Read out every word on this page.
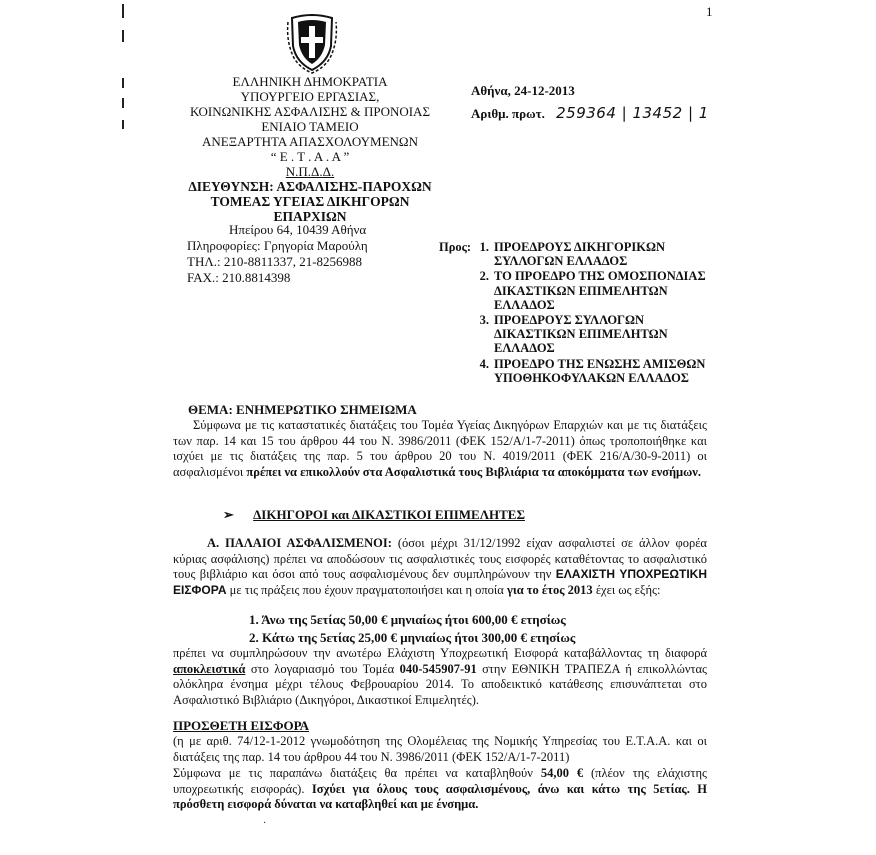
1
ΕΛΛΗΝΙΚΗ ΔΗΜΟΚΡΑΤΙΑ
ΥΠΟΥΡΓΕΙΟ ΕΡΓΑΣΙΑΣ,
ΚΟΙΝΩΝΙΚΗΣ ΑΣΦΑΛΙΣΗΣ & ΠΡΟΝΟΙΑΣ
ΕΝΙΑΙΟ ΤΑΜΕΙΟ
ΑΝΕΞΑΡΤΗΤΑ ΑΠΑΣΧΟΛΟΥΜΕΝΩΝ
“ Ε . Τ . Α . Α ”
Ν.Π.Δ.Δ.
ΔΙΕΥΘΥΝΣΗ: ΑΣΦΑΛΙΣΗΣ-ΠΑΡΟΧΩΝ
ΤΟΜΕΑΣ ΥΓΕΙΑΣ ΔΙΚΗΓΟΡΩΝ
ΕΠΑΡΧΙΩΝ
Ηπείρου 64, 10439 Αθήνα
Πληροφορίες: Γρηγορία Μαρούλη
ΤΗΛ.: 210-8811337, 21-8256988
FAX.: 210.8814398
Αθήνα, 24-12-2013
Αριθμ. πρωτ. 259364 | 13452 | 1
Προς: 1. ΠΡΟΕΔΡΟΥΣ ΔΙΚΗΓΟΡΙΚΩΝ ΣΥΛΛΟΓΩΝ ΕΛΛΑΔΟΣ
2. ΤΟ ΠΡΟΕΔΡΟ ΤΗΣ ΟΜΟΣΠΟΝΔΙΑΣ ΔΙΚΑΣΤΙΚΩΝ ΕΠΙΜΕΛΗΤΩΝ ΕΛΛΑΔΟΣ
3. ΠΡΟΕΔΡΟΥΣ ΣΥΛΛΟΓΩΝ ΔΙΚΑΣΤΙΚΩΝ ΕΠΙΜΕΛΗΤΩΝ ΕΛΛΑΔΟΣ
4. ΠΡΟΕΔΡΟ ΤΗΣ ΕΝΩΣΗΣ ΑΜΙΣΘΩΝ ΥΠΟΘΗΚΟΦΥΛΑΚΩΝ ΕΛΛΑΔΟΣ
ΘΕΜΑ: ΕΝΗΜΕΡΩΤΙΚΟ ΣΗΜΕΙΩΜΑ
Σύμφωνα με τις καταστατικές διατάξεις του Τομέα Υγείας Δικηγόρων Επαρχιών και με τις διατάξεις των παρ. 14 και 15 του άρθρου 44 του Ν. 3986/2011 (ΦΕΚ 152/Α/1-7-2011) όπως τροποποιήθηκε και ισχύει με τις διατάξεις της παρ. 5 του άρθρου 20 του Ν. 4019/2011 (ΦΕΚ 216/Α/30-9-2011) οι ασφαλισμένοι πρέπει να επικολλούν στα Ασφαλιστικά τους Βιβλιάρια τα αποκόμματα των ενσήμων.
➢ ΔΙΚΗΓΟΡΟΙ και ΔΙΚΑΣΤΙΚΟΙ ΕΠΙΜΕΛΗΤΕΣ
Α. ΠΑΛΑΙΟΙ ΑΣΦΑΛΙΣΜΕΝΟΙ: (όσοι μέχρι 31/12/1992 είχαν ασφαλιστεί σε άλλον φορέα κύριας ασφάλισης) πρέπει να αποδώσουν τις ασφαλιστικές τους εισφορές καταθέτοντας το ασφαλιστικό τους βιβλιάριο και όσοι από τους ασφαλισμένους δεν συμπληρώνουν την ΕΛΑΧΙΣΤΗ ΥΠΟΧΡΕΩΤΙΚΗ ΕΙΣΦΟΡΑ με τις πράξεις που έχουν πραγματοποιήσει και η οποία για το έτος 2013 έχει ως εξής:
1. Άνω της 5ετίας 50,00 € μηνιαίως ήτοι 600,00 € ετησίως
2. Κάτω της 5ετίας 25,00 € μηνιαίως ήτοι 300,00 € ετησίως
πρέπει να συμπληρώσουν την ανωτέρω Ελάχιστη Υποχρεωτική Εισφορά καταβάλλοντας τη διαφορά αποκλειστικά στο λογαριασμό του Τομέα 040-545907-91 στην ΕΘΝΙΚΗ ΤΡΑΠΕΖΑ ή επικολλώντας ολόκληρα ένσημα μέχρι τέλους Φεβρουαρίου 2014. Το αποδεικτικό κατάθεσης επισυνάπτεται στο Ασφαλιστικό Βιβλιάριο (Δικηγόροι, Δικαστικοί Επιμελητές).
ΠΡΟΣΘΕΤΗ ΕΙΣΦΟΡΑ
(η με αριθ. 74/12-1-2012 γνωμοδότηση της Ολομέλειας της Νομικής Υπηρεσίας του Ε.Τ.Α.Α. και οι διατάξεις της παρ. 14 του άρθρου 44 του Ν. 3986/2011 (ΦΕΚ 152/Α/1-7-2011)
Σύμφωνα με τις παραπάνω διατάξεις θα πρέπει να καταβληθούν 54,00 € (πλέον της ελάχιστης υποχρεωτικής εισφοράς). Ισχύει για όλους τους ασφαλισμένους, άνω και κάτω της 5ετίας. Η πρόσθετη εισφορά δύναται να καταβληθεί και με ένσημα.
·
